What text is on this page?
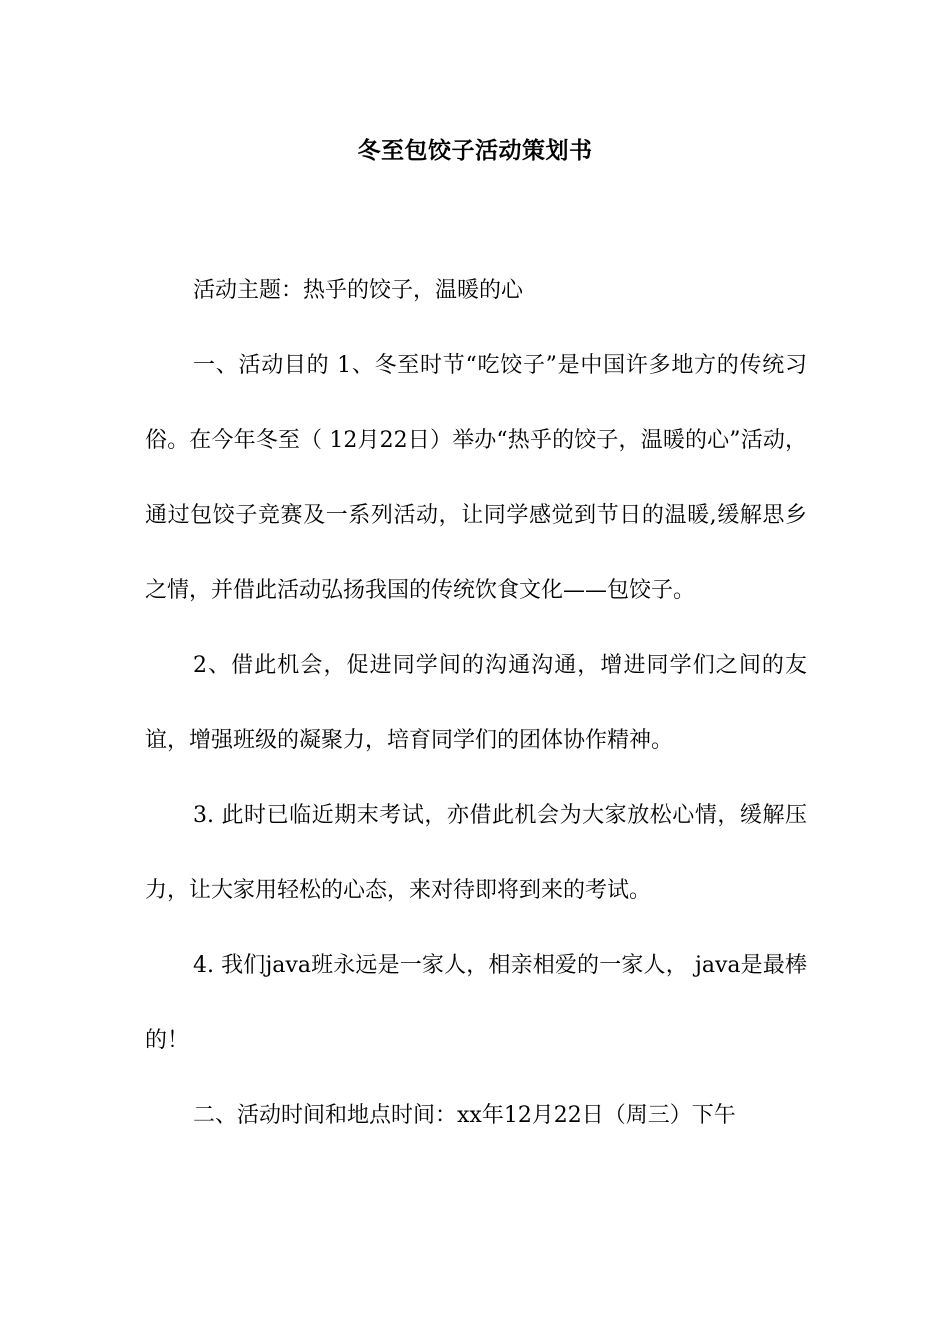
冬至包饺子活动策划书

活动主题：热乎的饺子，温暖的心

一、活动目的 1、冬至时节“吃饺子”是中国许多地方的传统习俗。在今年冬至（ 12月22日）举办“热乎的饺子，温暖的心”活动，通过包饺子竞赛及一系列活动，让同学感觉到节日的温暖,缓解思乡之情，并借此活动弘扬我国的传统饮食文化——包饺子。

2、借此机会，促进同学间的沟通沟通，增进同学们之间的友谊，增强班级的凝聚力，培育同学们的团体协作精神。

3. 此时已临近期末考试，亦借此机会为大家放松心情，缓解压力，让大家用轻松的心态，来对待即将到来的考试。

4. 我们java班永远是一家人，相亲相爱的一家人， java是最棒的！

二、活动时间和地点时间：xx年12月22日（周三）下午
